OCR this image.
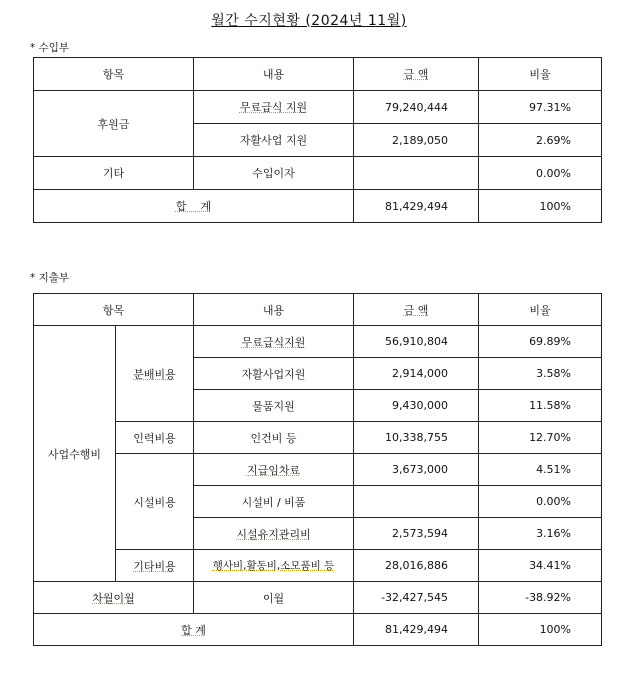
월간 수지현황 (2024년 11월)
* 수입부
항목	내용	금 액	비율
후원금	무료급식 지원	79,240,444	97.31%
	자활사업 지원	2,189,050	2.69%
기타	수입이자		0.00%
합    계		81,429,494	100%
* 지출부
항목		내용	금 액	비율
사업수행비	분배비용	무료급식지원	56,910,804	69.89%
		자활사업지원	2,914,000	3.58%
		물품지원	9,430,000	11.58%
	인력비용	인건비 등	10,338,755	12.70%
	시설비용	지급임차료	3,673,000	4.51%
		시설비 / 비품		0.00%
		시설유지관리비	2,573,594	3.16%
	기타비용	행사비,활동비,소모품비 등	28,016,886	34.41%
차월이월		이월	-32,427,545	-38.92%
합 계			81,429,494	100%
